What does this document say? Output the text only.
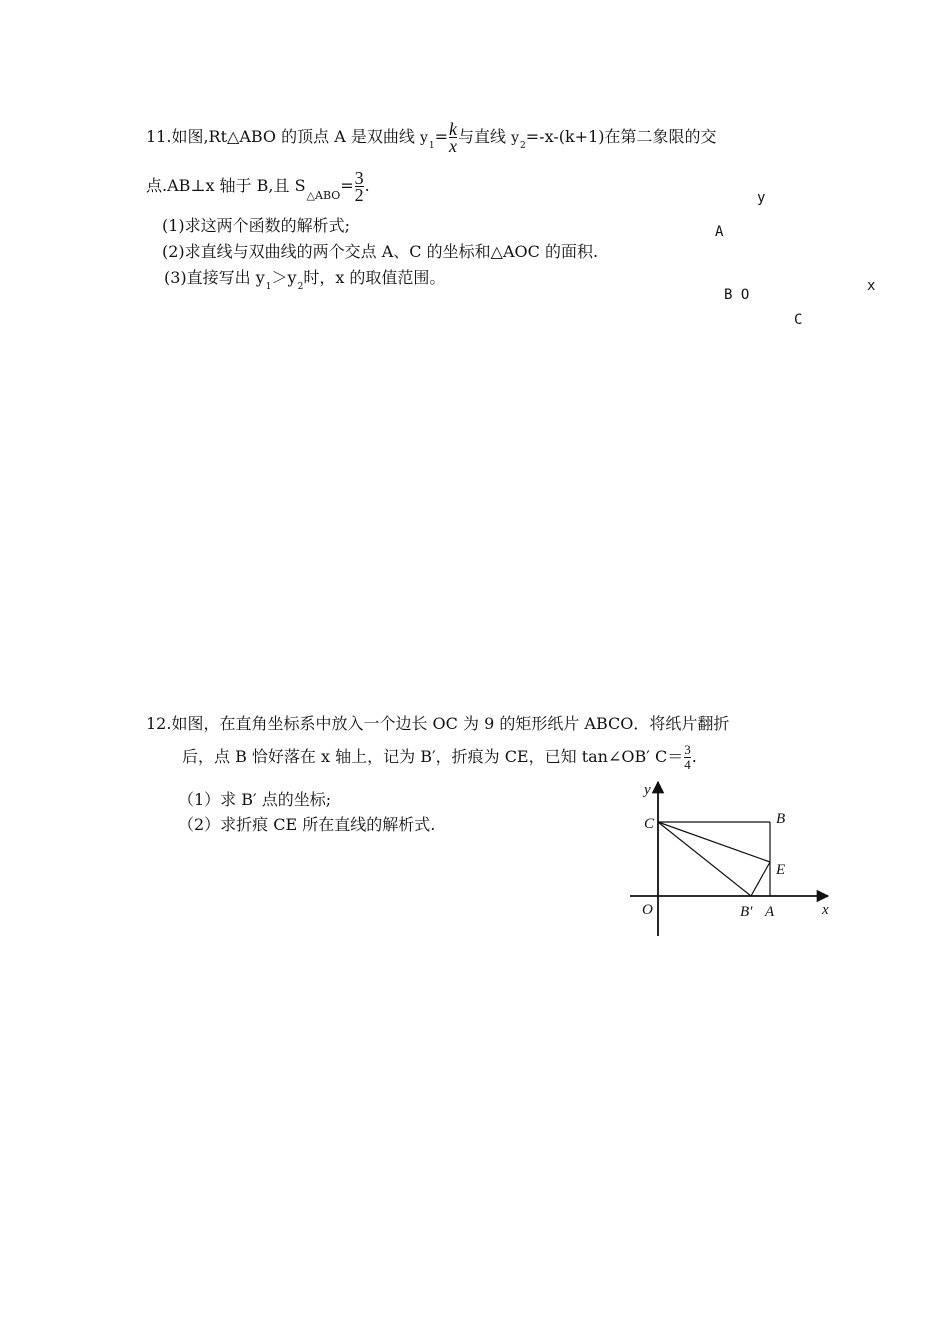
11.如图,Rt△ABO 的顶点 A 是双曲线 $y_1= \frac{k}{x}$ 与直线 $y_2=-x-(k+1)$在第二象限的交
点.AB⊥x 轴于 B,且 $S_{\triangle ABO}= \frac{3}{2}$ .
(1)求这两个函数的解析式;
(2)求直线与双曲线的两个交点 A、C 的坐标和△AOC 的面积.
(3)直接写出 $y_1>y_2$时，x 的取值范围。
y
A
B O
x
C
12.如图，在直角坐标系中放入一个边长 OC 为 9 的矩形纸片 ABCO．将纸片翻折
后，点 B 恰好落在 x 轴上，记为 B′，折痕为 CE，已知 tan∠OB′ $C= \frac{3}{4}$ .
（1）求 B′ 点的坐标;
（2）求折痕 CE 所在直线的解析式.
y
C	B
E
O	B′ A	x
